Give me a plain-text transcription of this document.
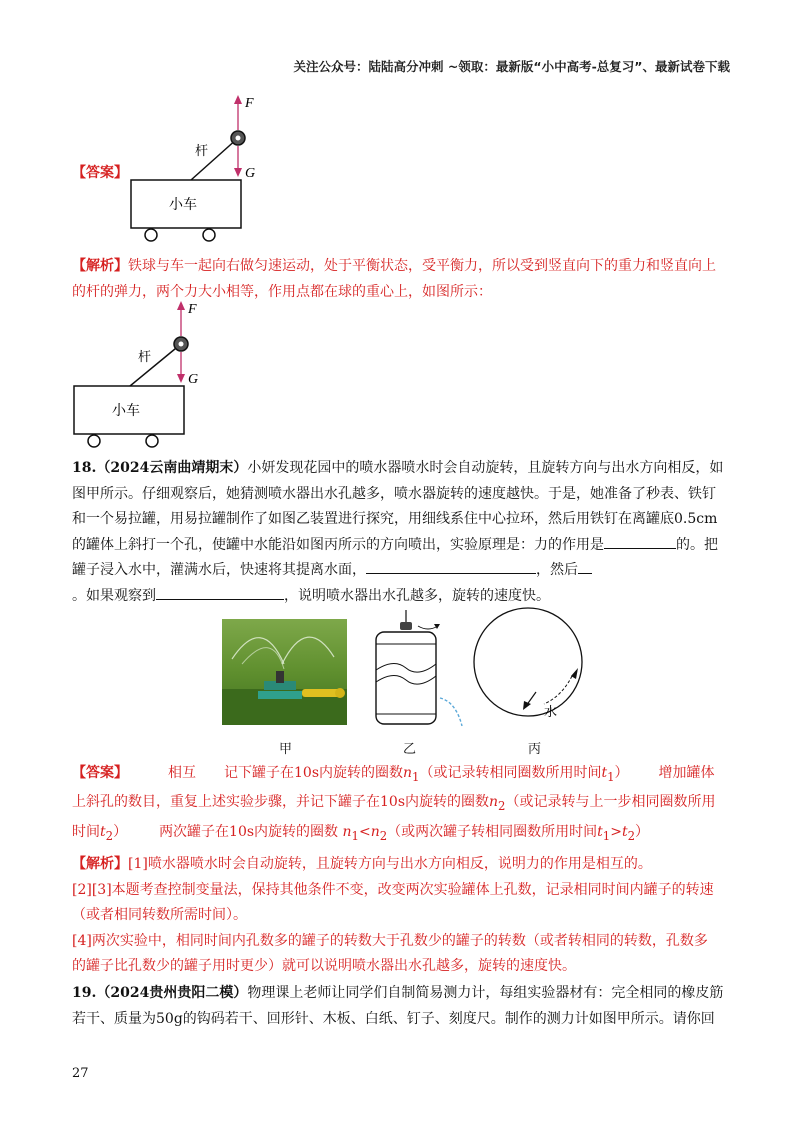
关注公众号：陆陆高分冲刺 ~领取：最新版“小中高考-总复习”、最新试卷下载
F
G
杆
小车
【答案】
【解析】铁球与车一起向右做匀速运动，处于平衡状态，受平衡力，所以受到竖直向下的重力和竖直向上
的杆的弹力，两个力大小相等，作用点都在球的重心上，如图所示：
F
G
杆
小车
18.（2024云南曲靖期末）小妍发现花园中的喷水器喷水时会自动旋转，且旋转方向与出水方向相反，如
图甲所示。仔细观察后，她猜测喷水器出水孔越多，喷水器旋转的速度越快。于是，她准备了秒表、铁钉
和一个易拉罐，用易拉罐制作了如图乙装置进行探究，用细线系住中心拉环，然后用铁钉在离罐底0.5cm
的罐体上斜打一个孔，使罐中水能沿如图丙所示的方向喷出，实验原理是：力的作用是	的。把
罐子浸入水中，灌满水后，快速将其提离水面，	，然后
。如果观察到	，说明喷水器出水孔越多，旋转的速度快。
水
甲	乙	丙
【答案】	相互 记下罐子在10s内旋转的圈数$n_1$（或记录转相同圈数所用时间$t_1$） 增加罐体
上斜孔的数目，重复上述实验步骤，并记下罐子在10s内旋转的圈数$n_2$（或记录转与上一步相同圈数所用
时间$t_2$） 两次罐子在10s内旋转的圈数 $n_1<n_2$（或两次罐子转相同圈数所用时间$t_1>t_2$）
【解析】[1]喷水器喷水时会自动旋转，且旋转方向与出水方向相反，说明力的作用是相互的。
[2][3]本题考查控制变量法，保持其他条件不变，改变两次实验罐体上孔数，记录相同时间内罐子的转速
（或者相同转数所需时间）。
[4]两次实验中，相同时间内孔数多的罐子的转数大于孔数少的罐子的转数（或者转相同的转数，孔数多
的罐子比孔数少的罐子用时更少）就可以说明喷水器出水孔越多，旋转的速度快。
19.（2024贵州贵阳二模）物理课上老师让同学们自制简易测力计，每组实验器材有：完全相同的橡皮筋
若干、质量为50g的钩码若干、回形针、木板、白纸、钉子、刻度尺。制作的测力计如图甲所示。请你回
27
